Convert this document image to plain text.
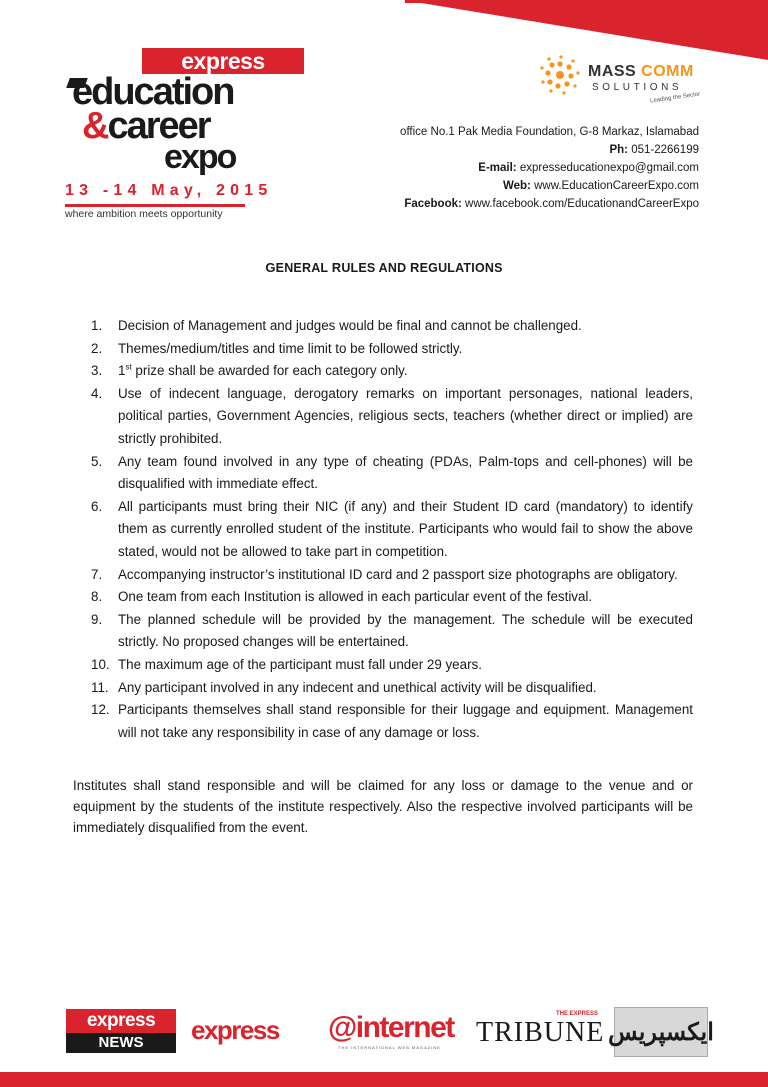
express
education
&career
expo
13 -14 May, 2015
where ambition meets opportunity
MASS COMM
SOLUTIONS
Leading the Sector
office No.1 Pak Media Foundation, G-8 Markaz, Islamabad
Ph: 051-2266199
E-mail: expresseducationexpo@gmail.com
Web: www.EducationCareerExpo.com
Facebook: www.facebook.com/EducationandCareerExpo
GENERAL RULES AND REGULATIONS
1. Decision of Management and judges would be final and cannot be challenged.
2. Themes/medium/titles and time limit to be followed strictly.
3. 1st prize shall be awarded for each category only.
4. Use of indecent language, derogatory remarks on important personages, national leaders, political parties, Government Agencies, religious sects, teachers (whether direct or implied) are strictly prohibited.
5. Any team found involved in any type of cheating (PDAs, Palm-tops and cell-phones) will be disqualified with immediate effect.
6. All participants must bring their NIC (if any) and their Student ID card (mandatory) to identify them as currently enrolled student of the institute. Participants who would fail to show the above stated, would not be allowed to take part in competition.
7. Accompanying instructor’s institutional ID card and 2 passport size photographs are obligatory.
8. One team from each Institution is allowed in each particular event of the festival.
9. The planned schedule will be provided by the management. The schedule will be executed strictly. No proposed changes will be entertained.
10. The maximum age of the participant must fall under 29 years.
11. Any participant involved in any indecent and unethical activity will be disqualified.
12. Participants themselves shall stand responsible for their luggage and equipment. Management will not take any responsibility in case of any damage or loss.
Institutes shall stand responsible and will be claimed for any loss or damage to the venue and or equipment by the students of the institute respectively. Also the respective involved participants will be immediately disqualified from the event.
express
NEWS	express @internet
THE INTERNATIONAL WEB MAGAZINE
THE EXPRESS
TRIBUNE ایکسپریس
